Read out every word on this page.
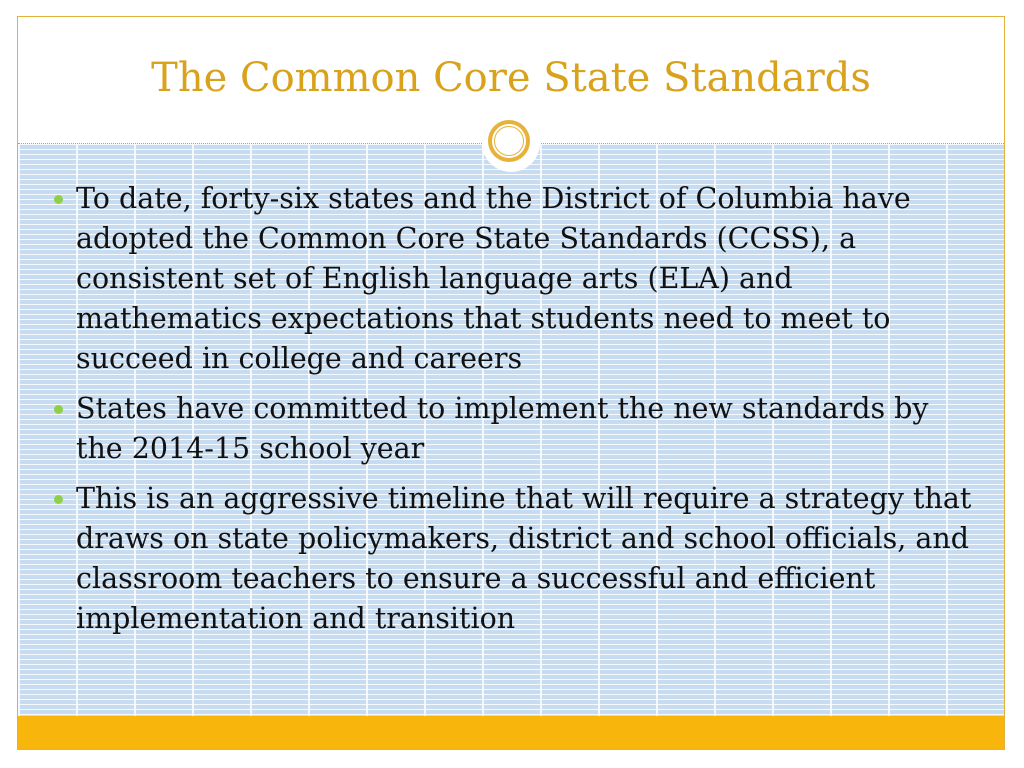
The Common Core State Standards
To date, forty-six states and the District of Columbia have adopted the Common Core State Standards (CCSS), a consistent set of English language arts (ELA) and mathematics expectations that students need to meet to succeed in college and careers
States have committed to implement the new standards by the 2014-15 school year
This is an aggressive timeline that will require a strategy that draws on state policymakers, district and school officials, and classroom teachers to ensure a successful and efficient implementation and transition
